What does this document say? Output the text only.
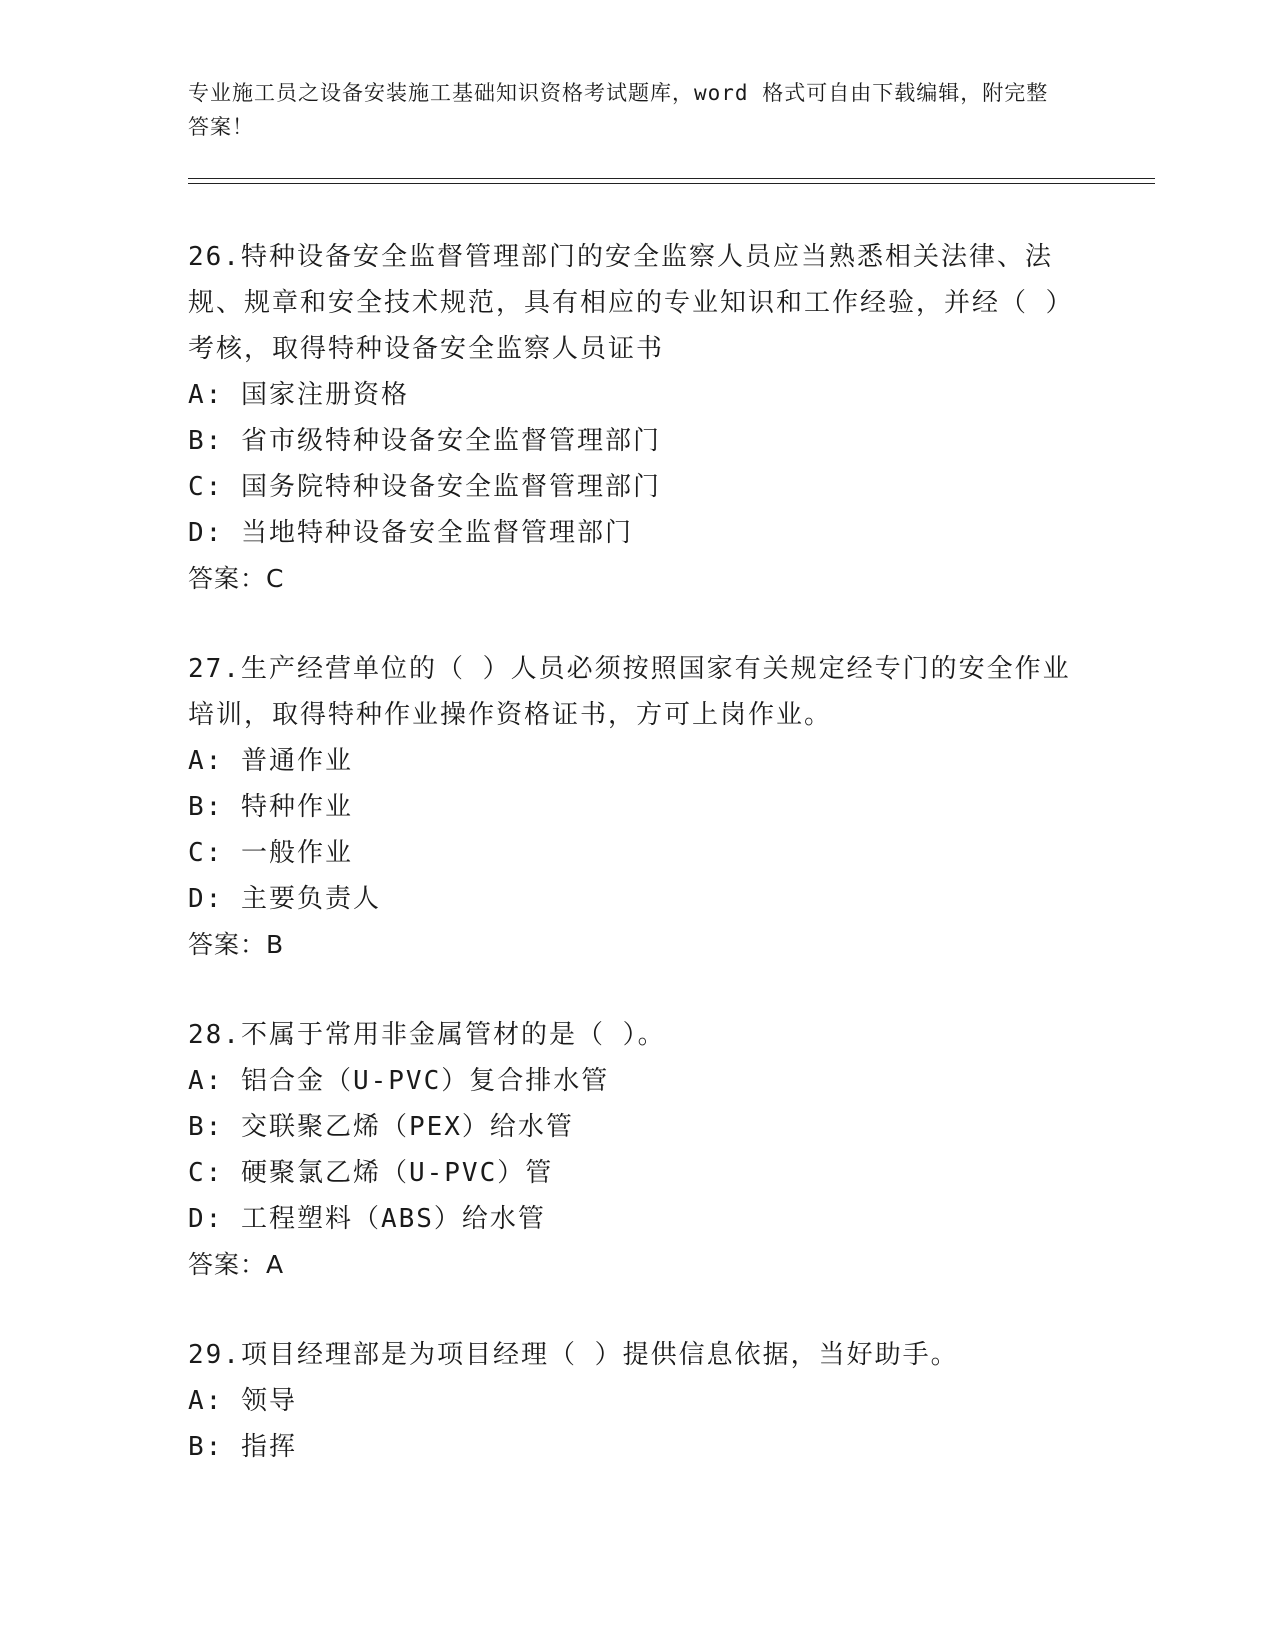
专业施工员之设备安装施工基础知识资格考试题库，word 格式可自由下载编辑，附完整答案！
26.特种设备安全监督管理部门的安全监察人员应当熟悉相关法律、法规、规章和安全技术规范，具有相应的专业知识和工作经验，并经（ ）考核，取得特种设备安全监察人员证书
A: 国家注册资格
B: 省市级特种设备安全监督管理部门
C: 国务院特种设备安全监督管理部门
D: 当地特种设备安全监督管理部门
答案：C
27.生产经营单位的（ ）人员必须按照国家有关规定经专门的安全作业培训，取得特种作业操作资格证书，方可上岗作业。
A: 普通作业
B: 特种作业
C: 一般作业
D: 主要负责人
答案：B
28.不属于常用非金属管材的是（ ）。
A: 铝合金（U-PVC）复合排水管
B: 交联聚乙烯（PEX）给水管
C: 硬聚氯乙烯（U-PVC）管
D: 工程塑料（ABS）给水管
答案：A
29.项目经理部是为项目经理（ ）提供信息依据，当好助手。
A: 领导
B: 指挥
